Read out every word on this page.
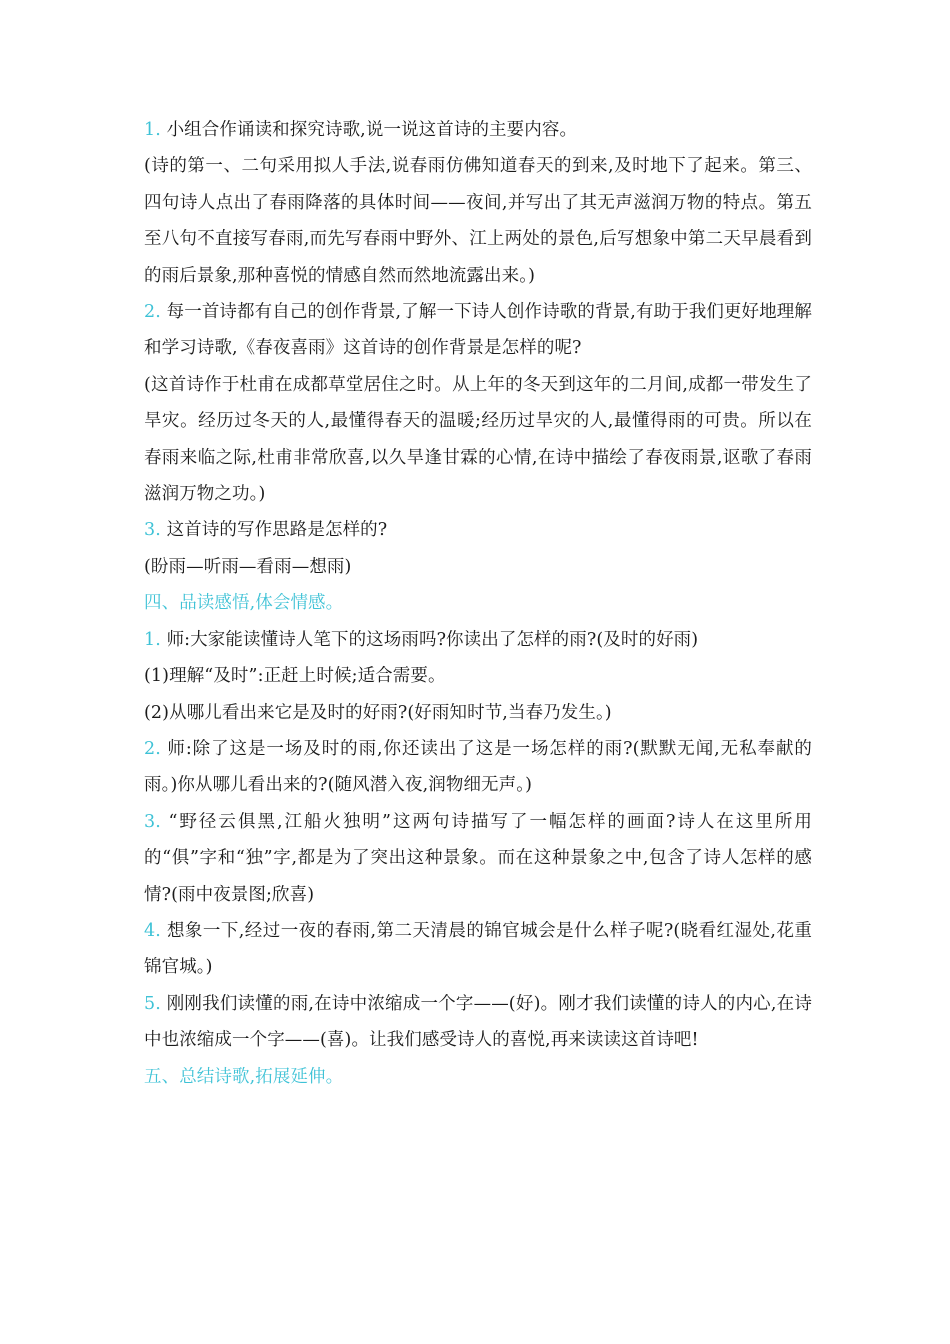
1. 小组合作诵读和探究诗歌,说一说这首诗的主要内容。

(诗的第一、二句采用拟人手法,说春雨仿佛知道春天的到来,及时地下了起来。第三、四句诗人点出了春雨降落的具体时间——夜间,并写出了其无声滋润万物的特点。第五至八句不直接写春雨,而先写春雨中野外、江上两处的景色,后写想象中第二天早晨看到的雨后景象,那种喜悦的情感自然而然地流露出来。)

2. 每一首诗都有自己的创作背景,了解一下诗人创作诗歌的背景,有助于我们更好地理解和学习诗歌,《春夜喜雨》这首诗的创作背景是怎样的呢?

(这首诗作于杜甫在成都草堂居住之时。从上年的冬天到这年的二月间,成都一带发生了旱灾。经历过冬天的人,最懂得春天的温暖;经历过旱灾的人,最懂得雨的可贵。所以在春雨来临之际,杜甫非常欣喜,以久旱逢甘霖的心情,在诗中描绘了春夜雨景,讴歌了春雨滋润万物之功。)

3. 这首诗的写作思路是怎样的?

(盼雨—听雨—看雨—想雨)

四、品读感悟,体会情感。

1. 师:大家能读懂诗人笔下的这场雨吗?你读出了怎样的雨?(及时的好雨)

(1)理解“及时”:正赶上时候;适合需要。

(2)从哪儿看出来它是及时的好雨?(好雨知时节,当春乃发生。)

2. 师:除了这是一场及时的雨,你还读出了这是一场怎样的雨?(默默无闻,无私奉献的雨。)你从哪儿看出来的?(随风潜入夜,润物细无声。)

3. “野径云俱黑,江船火独明”这两句诗描写了一幅怎样的画面?诗人在这里所用的“俱”字和“独”字,都是为了突出这种景象。而在这种景象之中,包含了诗人怎样的感情?(雨中夜景图;欣喜)

4. 想象一下,经过一夜的春雨,第二天清晨的锦官城会是什么样子呢?(晓看红湿处,花重锦官城。)

5. 刚刚我们读懂的雨,在诗中浓缩成一个字——(好)。刚才我们读懂的诗人的内心,在诗中也浓缩成一个字——(喜)。让我们感受诗人的喜悦,再来读读这首诗吧!

五、总结诗歌,拓展延伸。
